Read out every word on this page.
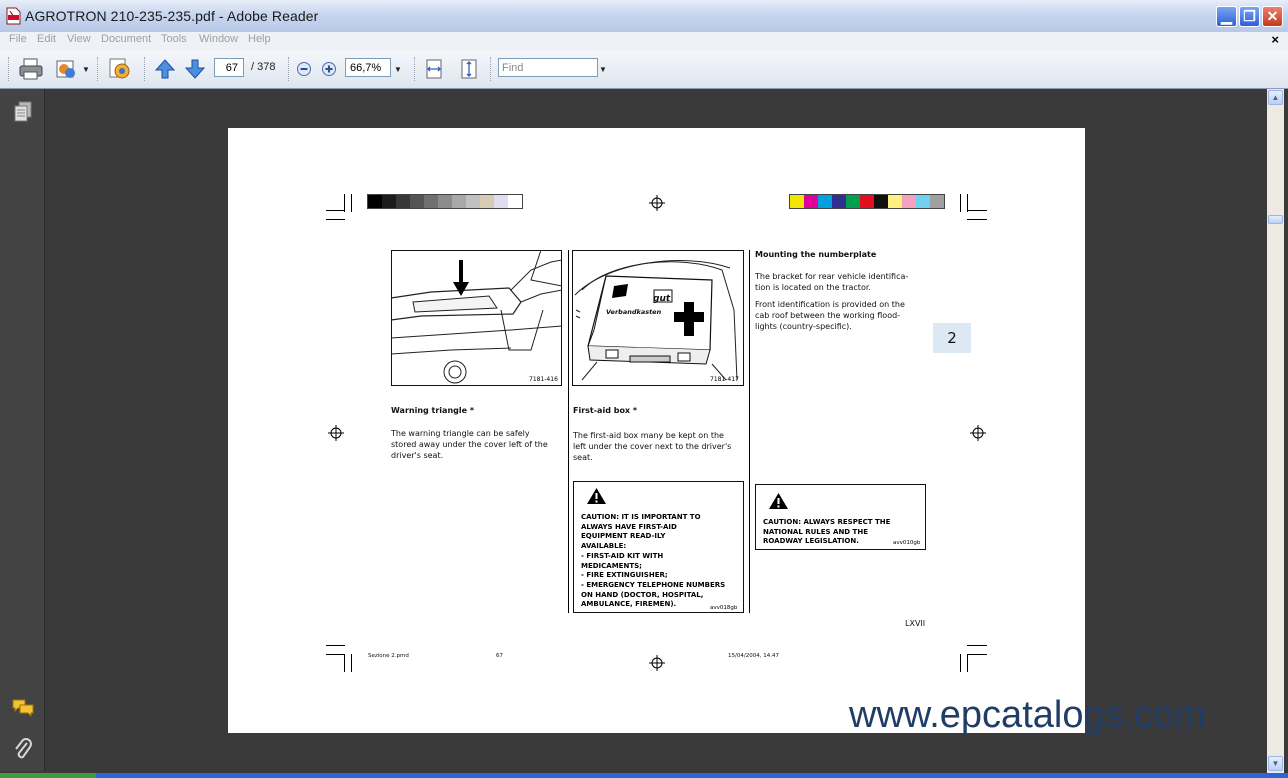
AGROTRON 210-235-235.pdf - Adobe Reader	▁ ❐ ✕
File Edit View Document Tools Window Help	×
▼	67	/ 378	66,7%	▼	Find	▼
▲
▼
7181-416
Warning triangle *
The warning triangle can be safely
stored away under the cover left of the
driver's seat.
Verbandkasten
gut
7181-417
First-aid box *
The first-aid box many be kept on the
left under the cover next to the driver's
seat.
CAUTION: IT IS IMPORTANT TO
ALWAYS HAVE FIRST-AID
EQUIPMENT READ-ILY
AVAILABLE:
- FIRST-AID KIT WITH
MEDICAMENTS;
- FIRE EXTINGUISHER;
- EMERGENCY TELEPHONE NUMBERS
ON HAND (DOCTOR, HOSPITAL,
AMBULANCE, FIREMEN).	avv018gb
Mounting the numberplate
The bracket for rear vehicle identifica-
tion is located on the tractor.
Front identification is provided on the
cab roof between the working flood-
lights (country-specific).
2
CAUTION: ALWAYS RESPECT THE
NATIONAL RULES AND THE
ROADWAY LEGISLATION.	avv010gb
LXVII
Sezione 2.pmd	67	15/04/2004, 14.47
www.epcatalogs.com
